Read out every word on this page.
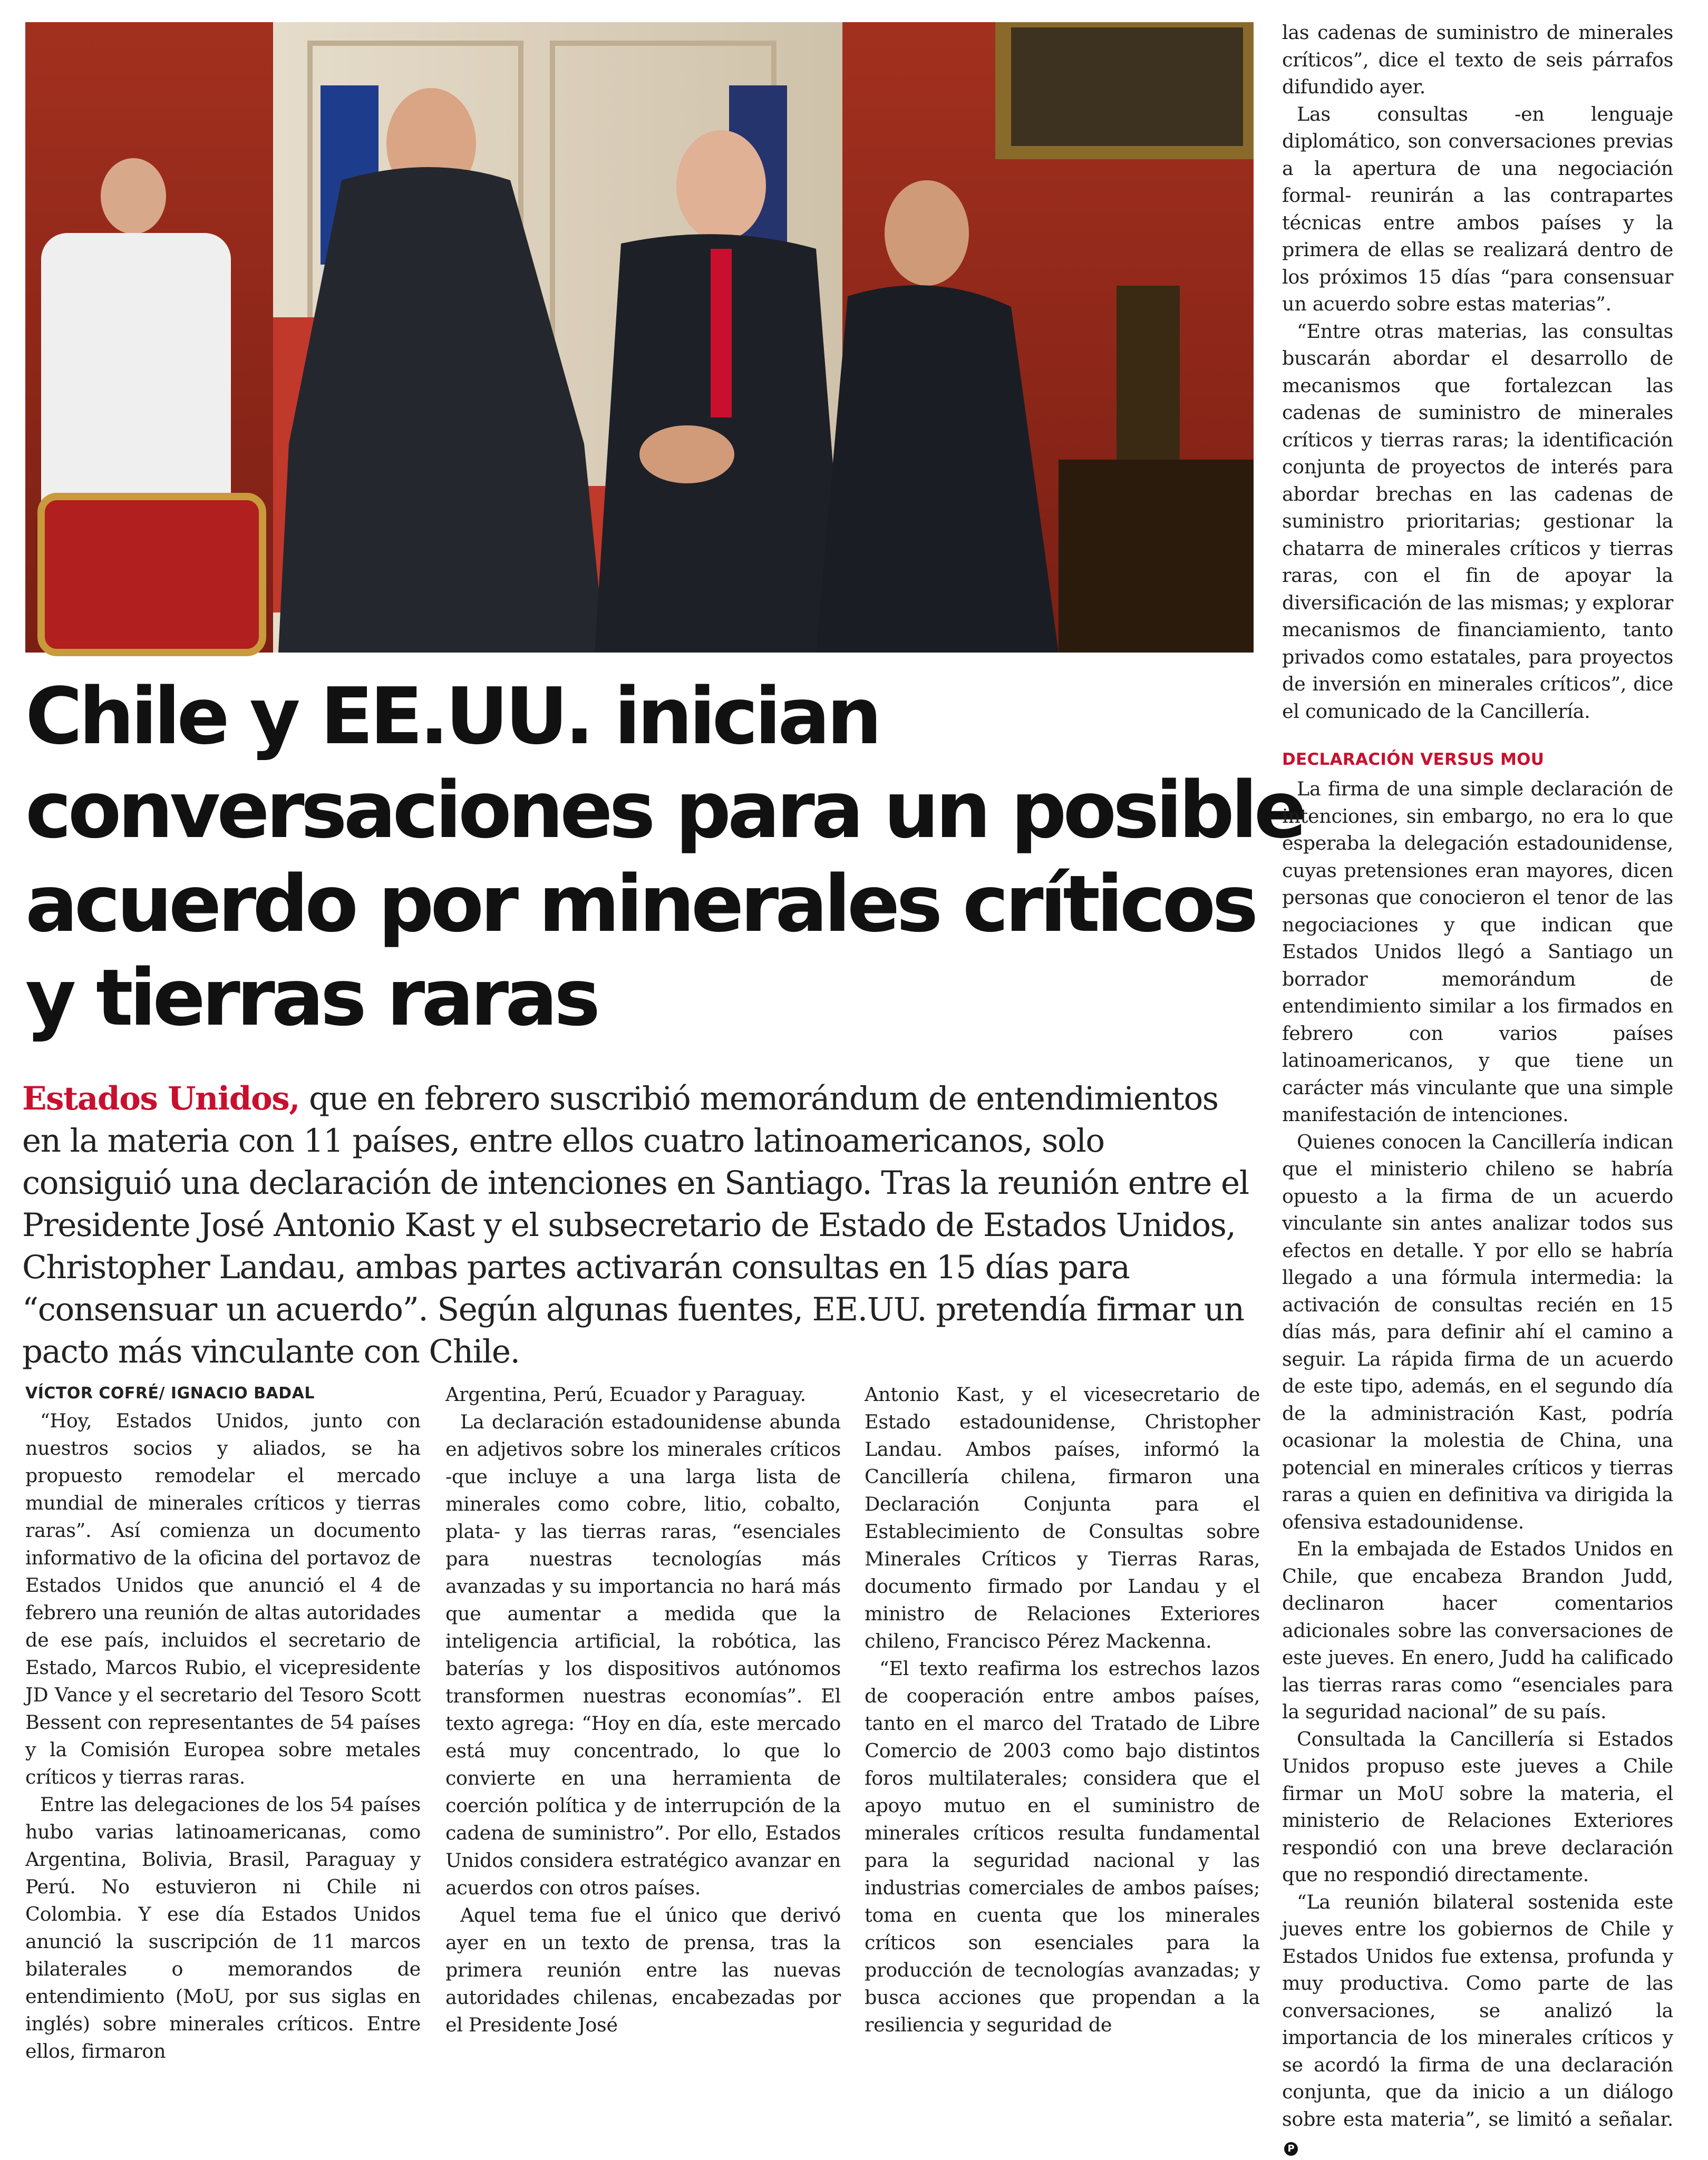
Chile y EE.UU. inician
conversaciones para un posible
acuerdo por minerales críticos
y tierras raras

Estados Unidos, que en febrero suscribió memorándum de entendimientos en la materia con 11 países, entre ellos cuatro latinoamericanos, solo consiguió una declaración de intenciones en Santiago. Tras la reunión entre el Presidente José Antonio Kast y el subsecretario de Estado de Estados Unidos, Christopher Landau, ambas partes activarán consultas en 15 días para “consensuar un acuerdo”. Según algunas fuentes, EE.UU. pretendía firmar un pacto más vinculante con Chile.

VÍCTOR COFRÉ/ IGNACIO BADAL

“Hoy, Estados Unidos, junto con nuestros socios y aliados, se ha propuesto remodelar el mercado mundial de minerales críticos y tierras raras”. Así comienza un documento informativo de la oficina del portavoz de Estados Unidos que anunció el 4 de febrero una reunión de altas autoridades de ese país, incluidos el secretario de Estado, Marcos Rubio, el vicepresidente JD Vance y el secretario del Tesoro Scott Bessent con representantes de 54 países y la Comisión Europea sobre metales críticos y tierras raras.

Entre las delegaciones de los 54 países hubo varias latinoamericanas, como Argentina, Bolivia, Brasil, Paraguay y Perú. No estuvieron ni Chile ni Colombia. Y ese día Estados Unidos anunció la suscripción de 11 marcos bilaterales o memorandos de entendimiento (MoU, por sus siglas en inglés) sobre minerales críticos. Entre ellos, firmaron

Argentina, Perú, Ecuador y Paraguay.

La declaración estadounidense abunda en adjetivos sobre los minerales críticos -que incluye a una larga lista de minerales como cobre, litio, cobalto, plata- y las tierras raras, “esenciales para nuestras tecnologías más avanzadas y su importancia no hará más que aumentar a medida que la inteligencia artificial, la robótica, las baterías y los dispositivos autónomos transformen nuestras economías”. El texto agrega: “Hoy en día, este mercado está muy concentrado, lo que lo convierte en una herramienta de coerción política y de interrupción de la cadena de suministro”. Por ello, Estados Unidos considera estratégico avanzar en acuerdos con otros países.

Aquel tema fue el único que derivó ayer en un texto de prensa, tras la primera reunión entre las nuevas autoridades chilenas, encabezadas por el Presidente José

Antonio Kast, y el vicesecretario de Estado estadounidense, Christopher Landau. Ambos países, informó la Cancillería chilena, firmaron una Declaración Conjunta para el Establecimiento de Consultas sobre Minerales Críticos y Tierras Raras, documento firmado por Landau y el ministro de Relaciones Exteriores chileno, Francisco Pérez Mackenna.

“El texto reafirma los estrechos lazos de cooperación entre ambos países, tanto en el marco del Tratado de Libre Comercio de 2003 como bajo distintos foros multilaterales; considera que el apoyo mutuo en el suministro de minerales críticos resulta fundamental para la seguridad nacional y las industrias comerciales de ambos países; toma en cuenta que los minerales críticos son esenciales para la producción de tecnologías avanzadas; y busca acciones que propendan a la resiliencia y seguridad de

las cadenas de suministro de minerales críticos”, dice el texto de seis párrafos difundido ayer.

Las consultas -en lenguaje diplomático, son conversaciones previas a la apertura de una negociación formal- reunirán a las contrapartes técnicas entre ambos países y la primera de ellas se realizará dentro de los próximos 15 días “para consensuar un acuerdo sobre estas materias”.

“Entre otras materias, las consultas buscarán abordar el desarrollo de mecanismos que fortalezcan las cadenas de suministro de minerales críticos y tierras raras; la identificación conjunta de proyectos de interés para abordar brechas en las cadenas de suministro prioritarias; gestionar la chatarra de minerales críticos y tierras raras, con el fin de apoyar la diversificación de las mismas; y explorar mecanismos de financiamiento, tanto privados como estatales, para proyectos de inversión en minerales críticos”, dice el comunicado de la Cancillería.

DECLARACIÓN VERSUS MOU

La firma de una simple declaración de intenciones, sin embargo, no era lo que esperaba la delegación estadounidense, cuyas pretensiones eran mayores, dicen personas que conocieron el tenor de las negociaciones y que indican que Estados Unidos llegó a Santiago un borrador memorándum de entendimiento similar a los firmados en febrero con varios países latinoamericanos, y que tiene un carácter más vinculante que una simple manifestación de intenciones.

Quienes conocen la Cancillería indican que el ministerio chileno se habría opuesto a la firma de un acuerdo vinculante sin antes analizar todos sus efectos en detalle. Y por ello se habría llegado a una fórmula intermedia: la activación de consultas recién en 15 días más, para definir ahí el camino a seguir. La rápida firma de un acuerdo de este tipo, además, en el segundo día de la administración Kast, podría ocasionar la molestia de China, una potencial en minerales críticos y tierras raras a quien en definitiva va dirigida la ofensiva estadounidense.

En la embajada de Estados Unidos en Chile, que encabeza Brandon Judd, declinaron hacer comentarios adicionales sobre las conversaciones de este jueves. En enero, Judd ha calificado las tierras raras como “esenciales para la seguridad nacional” de su país.

Consultada la Cancillería si Estados Unidos propuso este jueves a Chile firmar un MoU sobre la materia, el ministerio de Relaciones Exteriores respondió con una breve declaración que no respondió directamente.

“La reunión bilateral sostenida este jueves entre los gobiernos de Chile y Estados Unidos fue extensa, profunda y muy productiva. Como parte de las conversaciones, se analizó la importancia de los minerales críticos y se acordó la firma de una declaración conjunta, que da inicio a un diálogo sobre esta materia”, se limitó a señalar.P
